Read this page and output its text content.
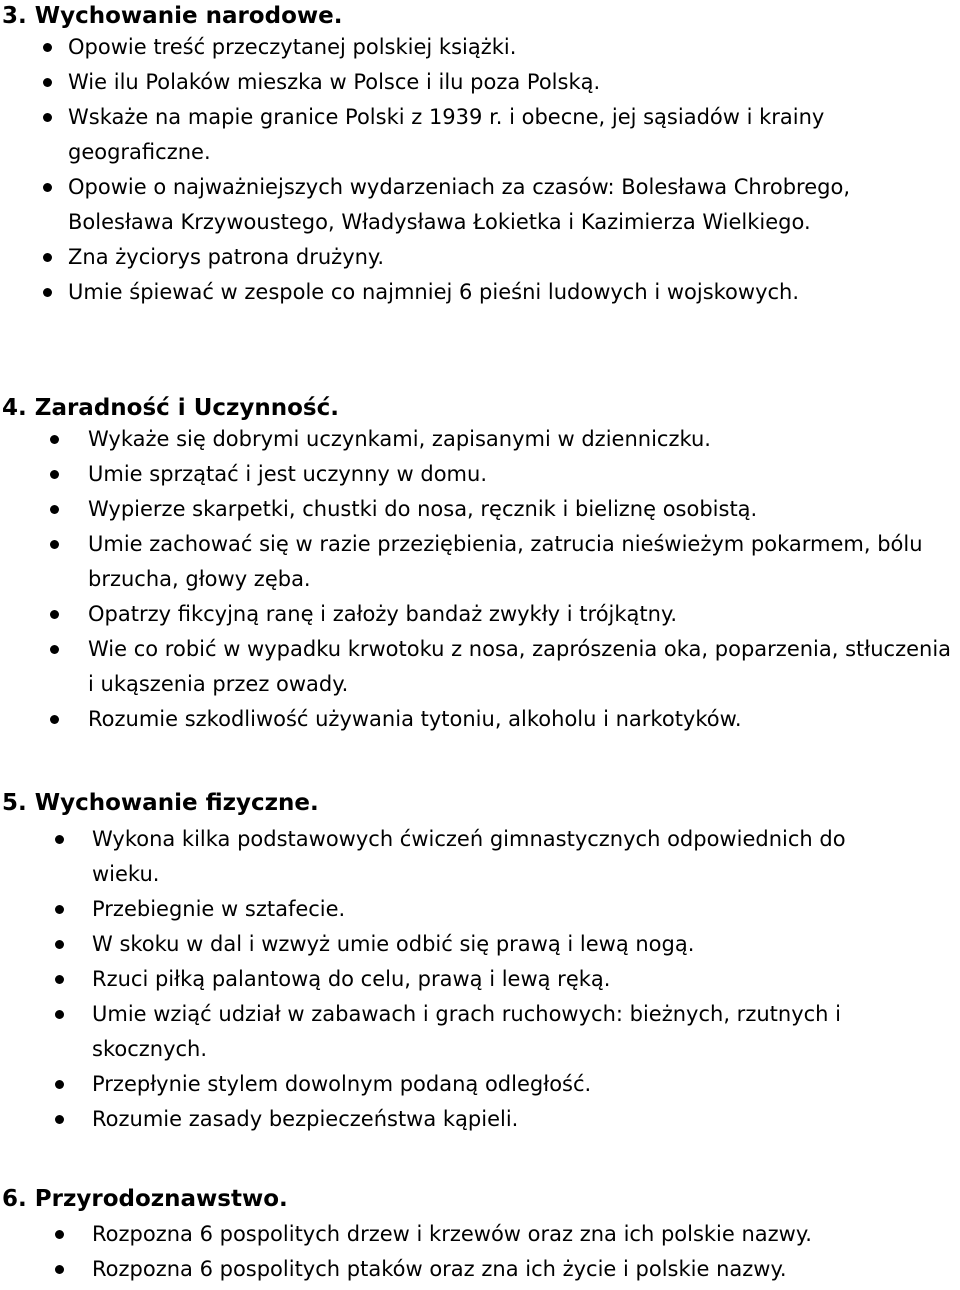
3. Wychowanie narodowe.
Opowie treść przeczytanej polskiej książki.
Wie ilu Polaków mieszka w Polsce i ilu poza Polską.
Wskaże na mapie granice Polski z 1939 r. i obecne, jej sąsiadów i krainy geograficzne.
Opowie o najważniejszych wydarzeniach za czasów: Bolesława Chrobrego, Bolesława Krzywoustego, Władysława Łokietka i Kazimierza Wielkiego.
Zna życiorys patrona drużyny.
Umie śpiewać w zespole co najmniej 6 pieśni ludowych i wojskowych.
4. Zaradność i Uczynność.
Wykaże się dobrymi uczynkami, zapisanymi w dzienniczku.
Umie sprzątać i jest uczynny w domu.
Wypierze skarpetki, chustki do nosa, ręcznik i bieliznę osobistą.
Umie zachować się w razie przeziębienia, zatrucia nieświeżym pokarmem, bólu brzucha, głowy zęba.
Opatrzy fikcyjną ranę i założy bandaż zwykły i trójkątny.
Wie co robić w wypadku krwotoku z nosa, zaprószenia oka, poparzenia, stłuczenia i ukąszenia przez owady.
Rozumie szkodliwość używania tytoniu, alkoholu i narkotyków.
5. Wychowanie fizyczne.
Wykona kilka podstawowych ćwiczeń gimnastycznych odpowiednich do wieku.
Przebiegnie w sztafecie.
W skoku w dal i wzwyż umie odbić się prawą i lewą nogą.
Rzuci piłką palantową do celu, prawą i lewą ręką.
Umie wziąć udział w zabawach i grach ruchowych: bieżnych, rzutnych i skocznych.
Przepłynie stylem dowolnym podaną odległość.
Rozumie zasady bezpieczeństwa kąpieli.
6. Przyrodoznawstwo.
Rozpozna 6 pospolitych drzew i krzewów oraz zna ich polskie nazwy.
Rozpozna 6 pospolitych ptaków oraz zna ich życie i polskie nazwy.
